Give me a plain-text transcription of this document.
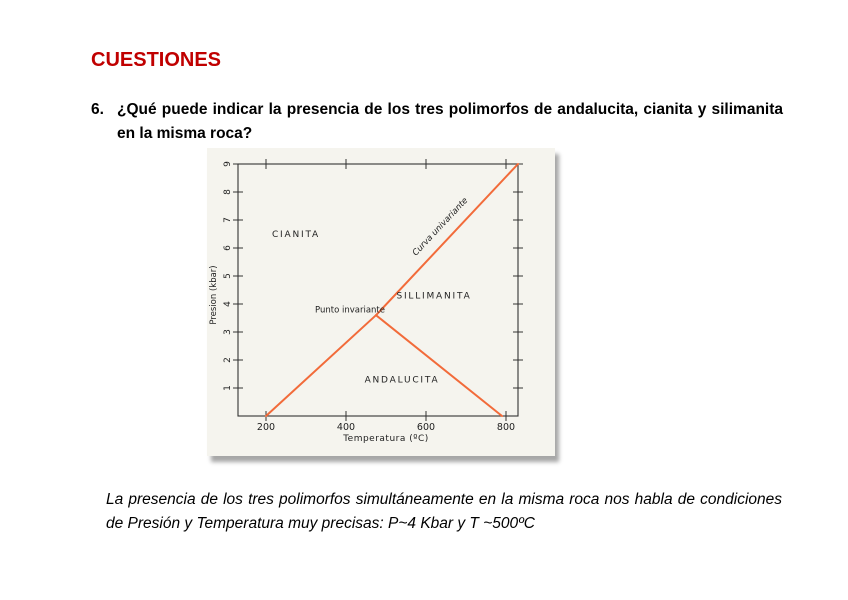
CUESTIONES
6. ¿Qué puede indicar la presencia de los tres polimorfos de andalucita, cianita y silimanita en la misma roca?
1
2
3
4
5
6
7
8
9
200	400	600	800
Temperatura (ºC)
Presion (kbar)
CIANITA
SILLIMANITA
ANDALUCITA
Punto invariante
Curva univariante
La presencia de los tres polimorfos simultáneamente en la misma roca nos habla de condiciones de Presión y Temperatura muy precisas: P~4 Kbar y T ~500ºC
